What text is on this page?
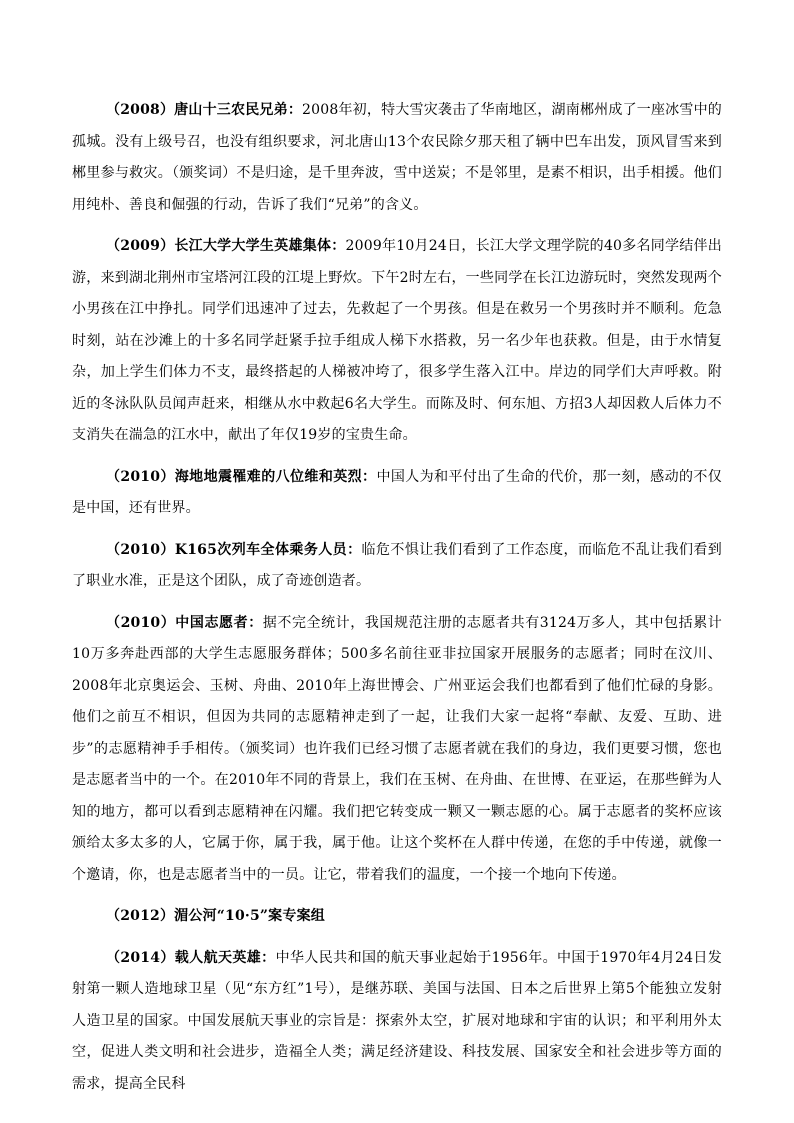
（2008）唐山十三农民兄弟：2008年初，特大雪灾袭击了华南地区，湖南郴州成了一座冰雪中的孤城。没有上级号召，也没有组织要求，河北唐山13个农民除夕那天租了辆中巴车出发，顶风冒雪来到郴里参与救灾。（颁奖词）不是归途，是千里奔波，雪中送炭；不是邻里，是素不相识，出手相援。他们用纯朴、善良和倔强的行动，告诉了我们“兄弟”的含义。

（2009）长江大学大学生英雄集体：2009年10月24日，长江大学文理学院的40多名同学结伴出游，来到湖北荆州市宝塔河江段的江堤上野炊。下午2时左右，一些同学在长江边游玩时，突然发现两个小男孩在江中挣扎。同学们迅速冲了过去，先救起了一个男孩。但是在救另一个男孩时并不顺利。危急时刻，站在沙滩上的十多名同学赶紧手拉手组成人梯下水搭救，另一名少年也获救。但是，由于水情复杂，加上学生们体力不支，最终搭起的人梯被冲垮了，很多学生落入江中。岸边的同学们大声呼救。附近的冬泳队队员闻声赶来，相继从水中救起6名大学生。而陈及时、何东旭、方招3人却因救人后体力不支消失在湍急的江水中，献出了年仅19岁的宝贵生命。

（2010）海地地震罹难的八位维和英烈：中国人为和平付出了生命的代价，那一刻，感动的不仅是中国，还有世界。

（2010）K165次列车全体乘务人员：临危不惧让我们看到了工作态度，而临危不乱让我们看到了职业水准，正是这个团队，成了奇迹创造者。

（2010）中国志愿者：据不完全统计，我国规范注册的志愿者共有3124万多人，其中包括累计10万多奔赴西部的大学生志愿服务群体；500多名前往亚非拉国家开展服务的志愿者；同时在汶川、2008年北京奥运会、玉树、舟曲、2010年上海世博会、广州亚运会我们也都看到了他们忙碌的身影。他们之前互不相识，但因为共同的志愿精神走到了一起，让我们大家一起将“奉献、友爱、互助、进步”的志愿精神手手相传。（颁奖词）也许我们已经习惯了志愿者就在我们的身边，我们更要习惯，您也是志愿者当中的一个。在2010年不同的背景上，我们在玉树、在舟曲、在世博、在亚运，在那些鲜为人知的地方，都可以看到志愿精神在闪耀。我们把它转变成一颗又一颗志愿的心。属于志愿者的奖杯应该颁给太多太多的人，它属于你，属于我，属于他。让这个奖杯在人群中传递，在您的手中传递，就像一个邀请，你，也是志愿者当中的一员。让它，带着我们的温度，一个接一个地向下传递。

（2012）湄公河“10·5”案专案组

（2014）载人航天英雄：中华人民共和国的航天事业起始于1956年。中国于1970年4月24日发射第一颗人造地球卫星（见“东方红”1号），是继苏联、美国与法国、日本之后世界上第5个能独立发射人造卫星的国家。中国发展航天事业的宗旨是：探索外太空，扩展对地球和宇宙的认识；和平利用外太空，促进人类文明和社会进步，造福全人类；满足经济建设、科技发展、国家安全和社会进步等方面的需求，提高全民科
